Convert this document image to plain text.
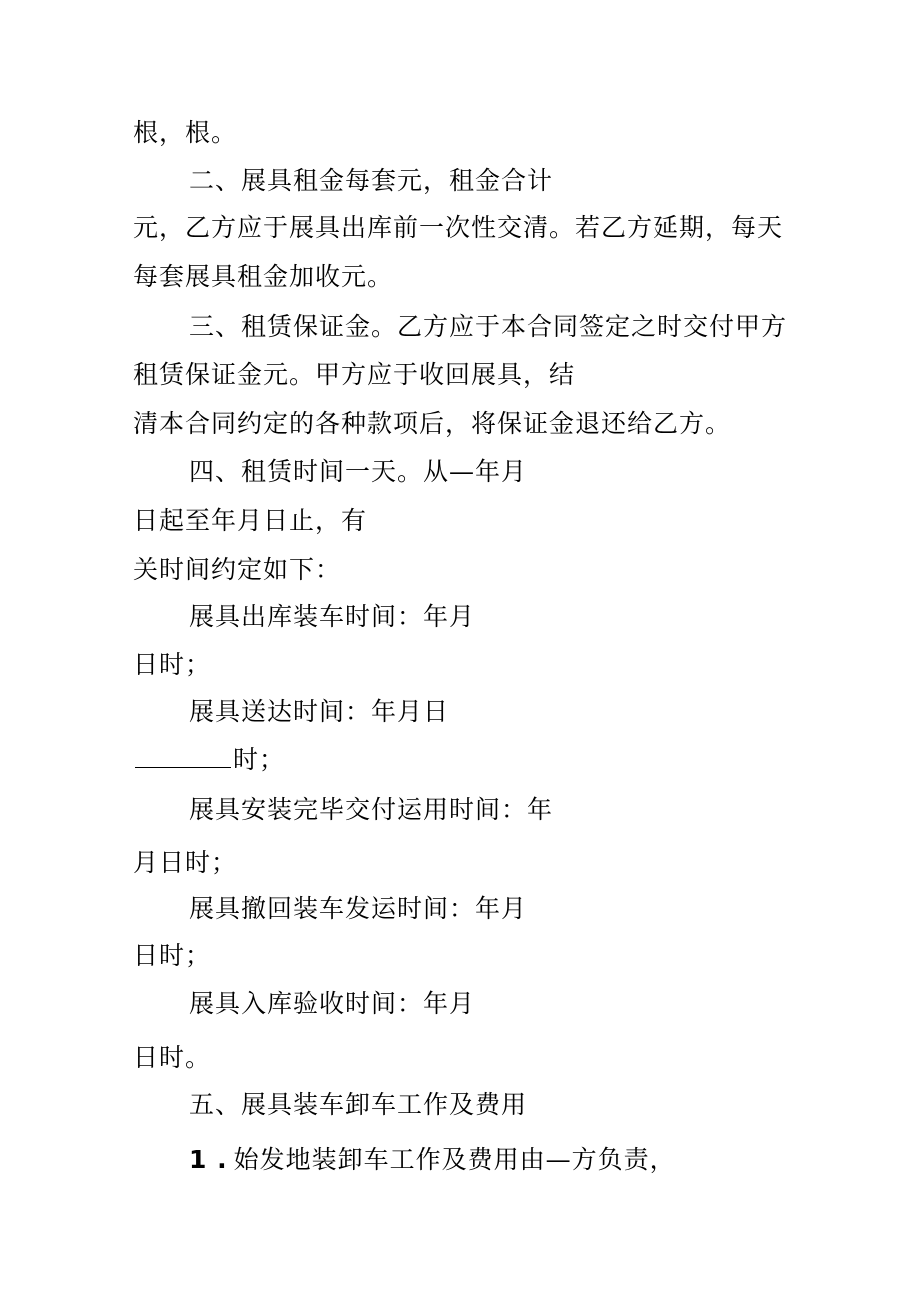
根，根。
二、展具租金每套元，租金合计
元，乙方应于展具出库前一次性交清。若乙方延期，每天
每套展具租金加收元。
三、租赁保证金。乙方应于本合同签定之时交付甲方
租赁保证金元。甲方应于收回展具，结
清本合同约定的各种款项后，将保证金退还给乙方。
四、租赁时间一天。从—年月
日起至年月日止，有
关时间约定如下：
展具出库装车时间：年月
日时；
展具送达时间：年月日
时；
展具安装完毕交付运用时间：年
月日时；
展具撤回装车发运时间：年月
日时；
展具入库验收时间：年月
日时。
五、展具装车卸车工作及费用
1 . 始发地装卸车工作及费用由—方负责，
